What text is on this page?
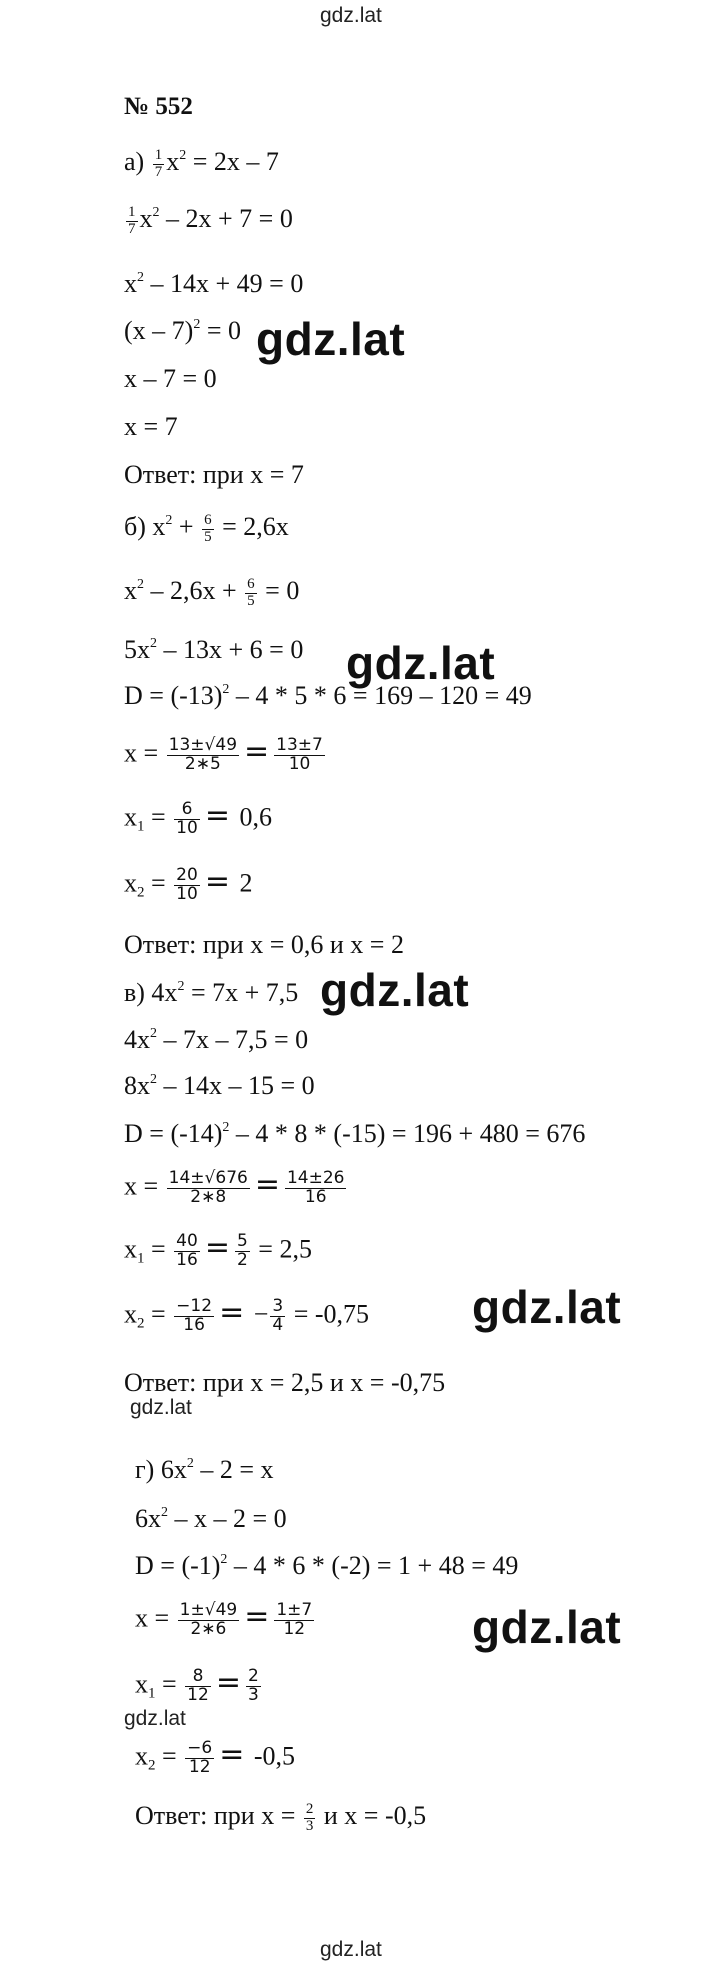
gdz.lat
№ 552
$а) \frac{1}{7} x^2 = 2x - 7$
$\frac{1}{7} x^2 - 2x + 7 = 0$
$x^2 - 14x + 49 = 0$
(x – 7)$^2$ = 0
x – 7 = 0
x = 7
Ответ: при x = 7
б) $x^2 + \frac{6}{5} = 2,6x$
$x^2 - 2,6x + \frac{6}{5} = 0$
$5x^2 - 13x + 6 = 0$
$D = (-13)^2 - 4 * 5 * 6 = 169 - 120 = 49$
$x = \frac{13\pm√49}{2∗5} = \frac{13\pm 7}{10}$
$x_1 = \frac{6}{10} = 0,6$
$x_2 = \frac{20}{10} = 2$
Ответ: при x = 0,6 и x = 2
в) $4x^2 = 7x + 7,5$
$4x^2 - 7x - 7,5 = 0$
$8x^2 - 14x - 15 = 0$
$D = (-14)^2 - 4 * 8 * (-15) = 196 + 480 = 676$
$x = \frac{14\pm√676}{2∗8} = \frac{14\pm 26}{16}$
$x_1 = \frac{40}{16} = \frac{5}{2} = 2,5$
$x_2 = \frac{-12}{16}$ = − $\frac{3}{4} = -0,75$
Ответ: при x = 2,5 и x = -0,75
gdz.lat
г) $6x^2 - 2 = x$
$6x^2 - x - 2 = 0$
$D = (-1)^2 - 4 * 6 * (-2) = 1 + 48 = 49$
$x = \frac{1\pm√49}{2∗6} = \frac{1\pm 7}{12}$
$x_1 = \frac{8}{12} = \frac{2}{3}$
$x_2 = \frac{-6}{12} = -0,5$
Ответ: при $x = \frac{2}{3}$ и x = -0,5
gdz.lat
gdz.lat
gdz.lat
gdz.lat
gdz.lat
gdz.lat
gdz.lat
